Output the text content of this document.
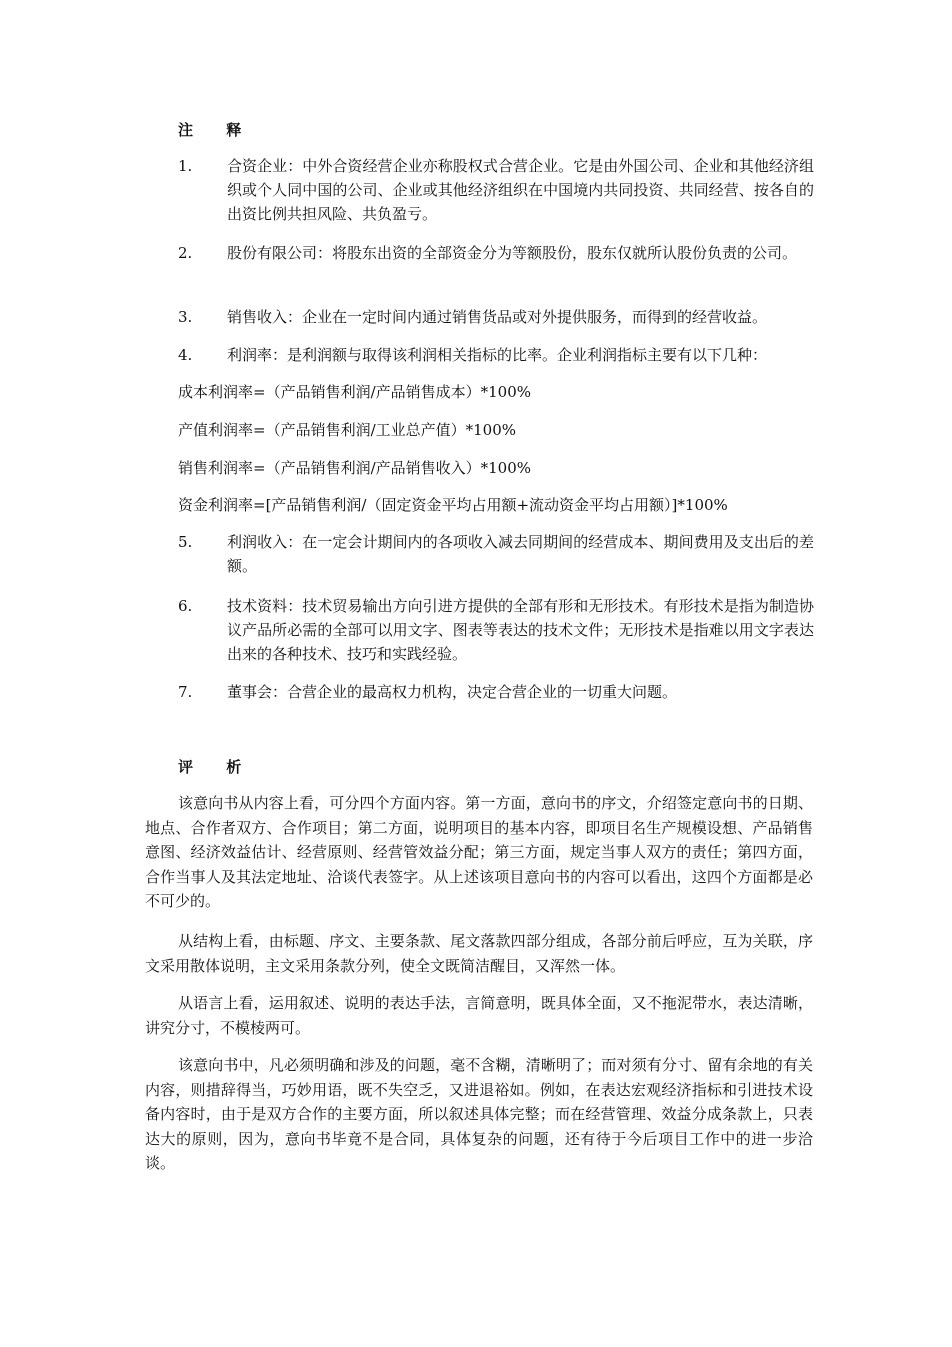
注 释
1.	合资企业：中外合资经营企业亦称股权式合营企业。它是由外国公司、企业和其他经济组织或个人同中国的公司、企业或其他经济组织在中国境内共同投资、共同经营、按各自的出资比例共担风险、共负盈亏。
2.	股份有限公司：将股东出资的全部资金分为等额股份，股东仅就所认股份负责的公司。
3.	销售收入：企业在一定时间内通过销售货品或对外提供服务，而得到的经营收益。
4.	利润率：是利润额与取得该利润相关指标的比率。企业利润指标主要有以下几种：
成本利润率=（产品销售利润/产品销售成本）*100%
产值利润率=（产品销售利润/工业总产值）*100%
销售利润率=（产品销售利润/产品销售收入）*100%
资金利润率=[产品销售利润/（固定资金平均占用额+流动资金平均占用额）]*100%
5.	利润收入：在一定会计期间内的各项收入减去同期间的经营成本、期间费用及支出后的差额。
6.	技术资料：技术贸易输出方向引进方提供的全部有形和无形技术。有形技术是指为制造协议产品所必需的全部可以用文字、图表等表达的技术文件；无形技术是指难以用文字表达出来的各种技术、技巧和实践经验。
7.	董事会：合营企业的最高权力机构，决定合营企业的一切重大问题。
评 析
该意向书从内容上看，可分四个方面内容。第一方面，意向书的序文，介绍签定意向书的日期、地点、合作者双方、合作项目；第二方面，说明项目的基本内容，即项目名生产规模设想、产品销售意图、经济效益估计、经营原则、经营管效益分配；第三方面，规定当事人双方的责任；第四方面，合作当事人及其法定地址、洽谈代表签字。从上述该项目意向书的内容可以看出，这四个方面都是必不可少的。
从结构上看，由标题、序文、主要条款、尾文落款四部分组成，各部分前后呼应，互为关联，序文采用散体说明，主文采用条款分列，使全文既简洁醒目，又浑然一体。
从语言上看，运用叙述、说明的表达手法，言简意明，既具体全面，又不拖泥带水，表达清晰，讲究分寸，不模棱两可。
该意向书中，凡必须明确和涉及的问题，毫不含糊，清晰明了；而对须有分寸、留有余地的有关内容，则措辞得当，巧妙用语，既不失空乏，又进退裕如。例如，在表达宏观经济指标和引进技术设备内容时，由于是双方合作的主要方面，所以叙述具体完整；而在经营管理、效益分成条款上，只表达大的原则，因为，意向书毕竟不是合同，具体复杂的问题，还有待于今后项目工作中的进一步洽谈。
